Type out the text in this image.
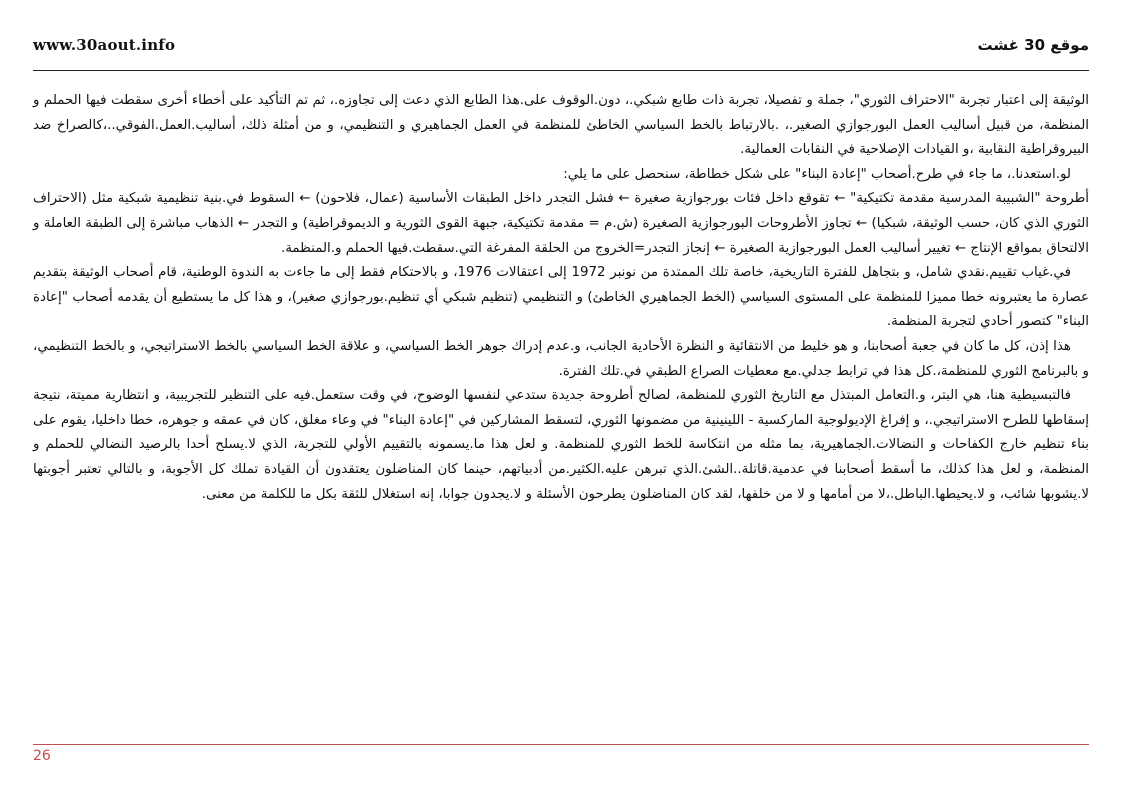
www.30aout.info	موقع 30 غشت

الوثيقة إلى اعتبار تجربة "الاحتراف الثوري"، جملة و تفصيلا، تجربة ذات طابع شبكي.، دون.الوقوف على.هذا الطابع الذي دعت إلى تجاوزه.، ثم تم التأكيد على أخطاء أخرى سقطت فيها الحملم و المنظمة، من قبيل أساليب العمل البورجوازي الصغير.، .بالارتباط بالخط السياسي الخاطئ للمنظمة في العمل الجماهيري و التنظيمي، و من أمثلة ذلك، أساليب.العمل.الفوقي..،كالصراخ ضد البيروقراطية النقابية ،و القيادات الإصلاحية في النقابات العمالية.

لو.استعدنا.، ما جاء في طرح.أصحاب "إعادة البناء" على شكل خطاطة، سنحصل على ما يلي:

أطروحة "الشبيبة المدرسية مقدمة تكتيكية" ← تقوقع داخل فئات بورجوازية صغيرة ← فشل التجدر داخل الطبقات الأساسية (عمال، فلاحون) ← السقوط في.بنية تنظيمية شبكية مثل (الاحتراف الثوري الذي كان، حسب الوثيقة، شبكيا) ← تجاوز الأطروحات البورجوازية الصغيرة (ش.م = مقدمة تكتيكية، جبهة القوى الثورية و الديموقراطية) و التجدر ← الذهاب مباشرة إلى الطبقة العاملة و الالتحاق بمواقع الإنتاج ← تغيير أساليب العمل البورجوازية الصغيرة ← إنجاز التجدر=الخروج من الحلقة المفرغة التي.سقطت.فيها الحملم و.المنظمة.

في.غياب تقييم.نقدي شامل، و بتجاهل للفترة التاريخية، خاصة تلك الممتدة من نونبر 1972 إلى اعتقالات 1976، و بالاحتكام فقط إلى ما جاءت به الندوة الوطنية، قام أصحاب الوثيقة بتقديم عصارة ما يعتبرونه خطا مميزا للمنظمة على المستوى السياسي (الخط الجماهيري الخاطئ) و التنظيمي (تنظيم شبكي أي تنظيم.بورجوازي صغير)، و هذا كل ما يستطيع أن يقدمه أصحاب "إعادة البناء" كتصور أحادي لتجربة المنظمة.

هذا إذن، كل ما كان في جعبة أصحابنا، و هو خليط من الانتقائية و النظرة الأحادية الجانب، و.عدم إدراك جوهر الخط السياسي، و علاقة الخط السياسي بالخط الاستراتيجي، و بالخط التنظيمي، و بالبرنامج الثوري للمنظمة،.كل هذا في ترابط جدلي.مع معطيات الصراع الطبقي في.تلك الفترة.

فالتبسيطية هنا، هي البتر، و.التعامل المبتذل مع التاريخ الثوري للمنظمة، لصالح أطروحة جديدة ستدعي لنفسها الوضوح، في وقت ستعمل.فيه على التنظير للتجريبية، و انتظارية مميتة، نتيجة إسقاطها للطرح الاستراتيجي.، و إفراغ الإديولوجية الماركسية - اللينينية من مضمونها الثوري، لتسقط المشاركين في "إعادة البناء" في وعاء مغلق، كان في عمقه و جوهره، خطا داخليا، يقوم على بناء تنظيم خارج الكفاحات و النضالات.الجماهيرية، بما مثله من انتكاسة للخط الثوري للمنظمة. و لعل هذا ما.يسمونه بالتقييم الأولي للتجربة، الذي لا.يسلح أحدا بالرصيد النضالي للحملم و المنظمة، و لعل هذا كذلك، ما أسقط أصحابنا في عدمية.قاتلة..الشئ.الذي تبرهن عليه.الكثير.من أدبياتهم، حينما كان المناضلون يعتقدون أن القيادة تملك كل الأجوبة، و بالتالي تعتبر أجوبتها لا.يشوبها شائب، و لا.يحيطها.الباطل.،لا من أمامها و لا من خلفها، لقد كان المناضلون يطرحون الأسئلة و لا.يجدون جوابا، إنه استغلال للثقة بكل ما للكلمة من معنى.

26
